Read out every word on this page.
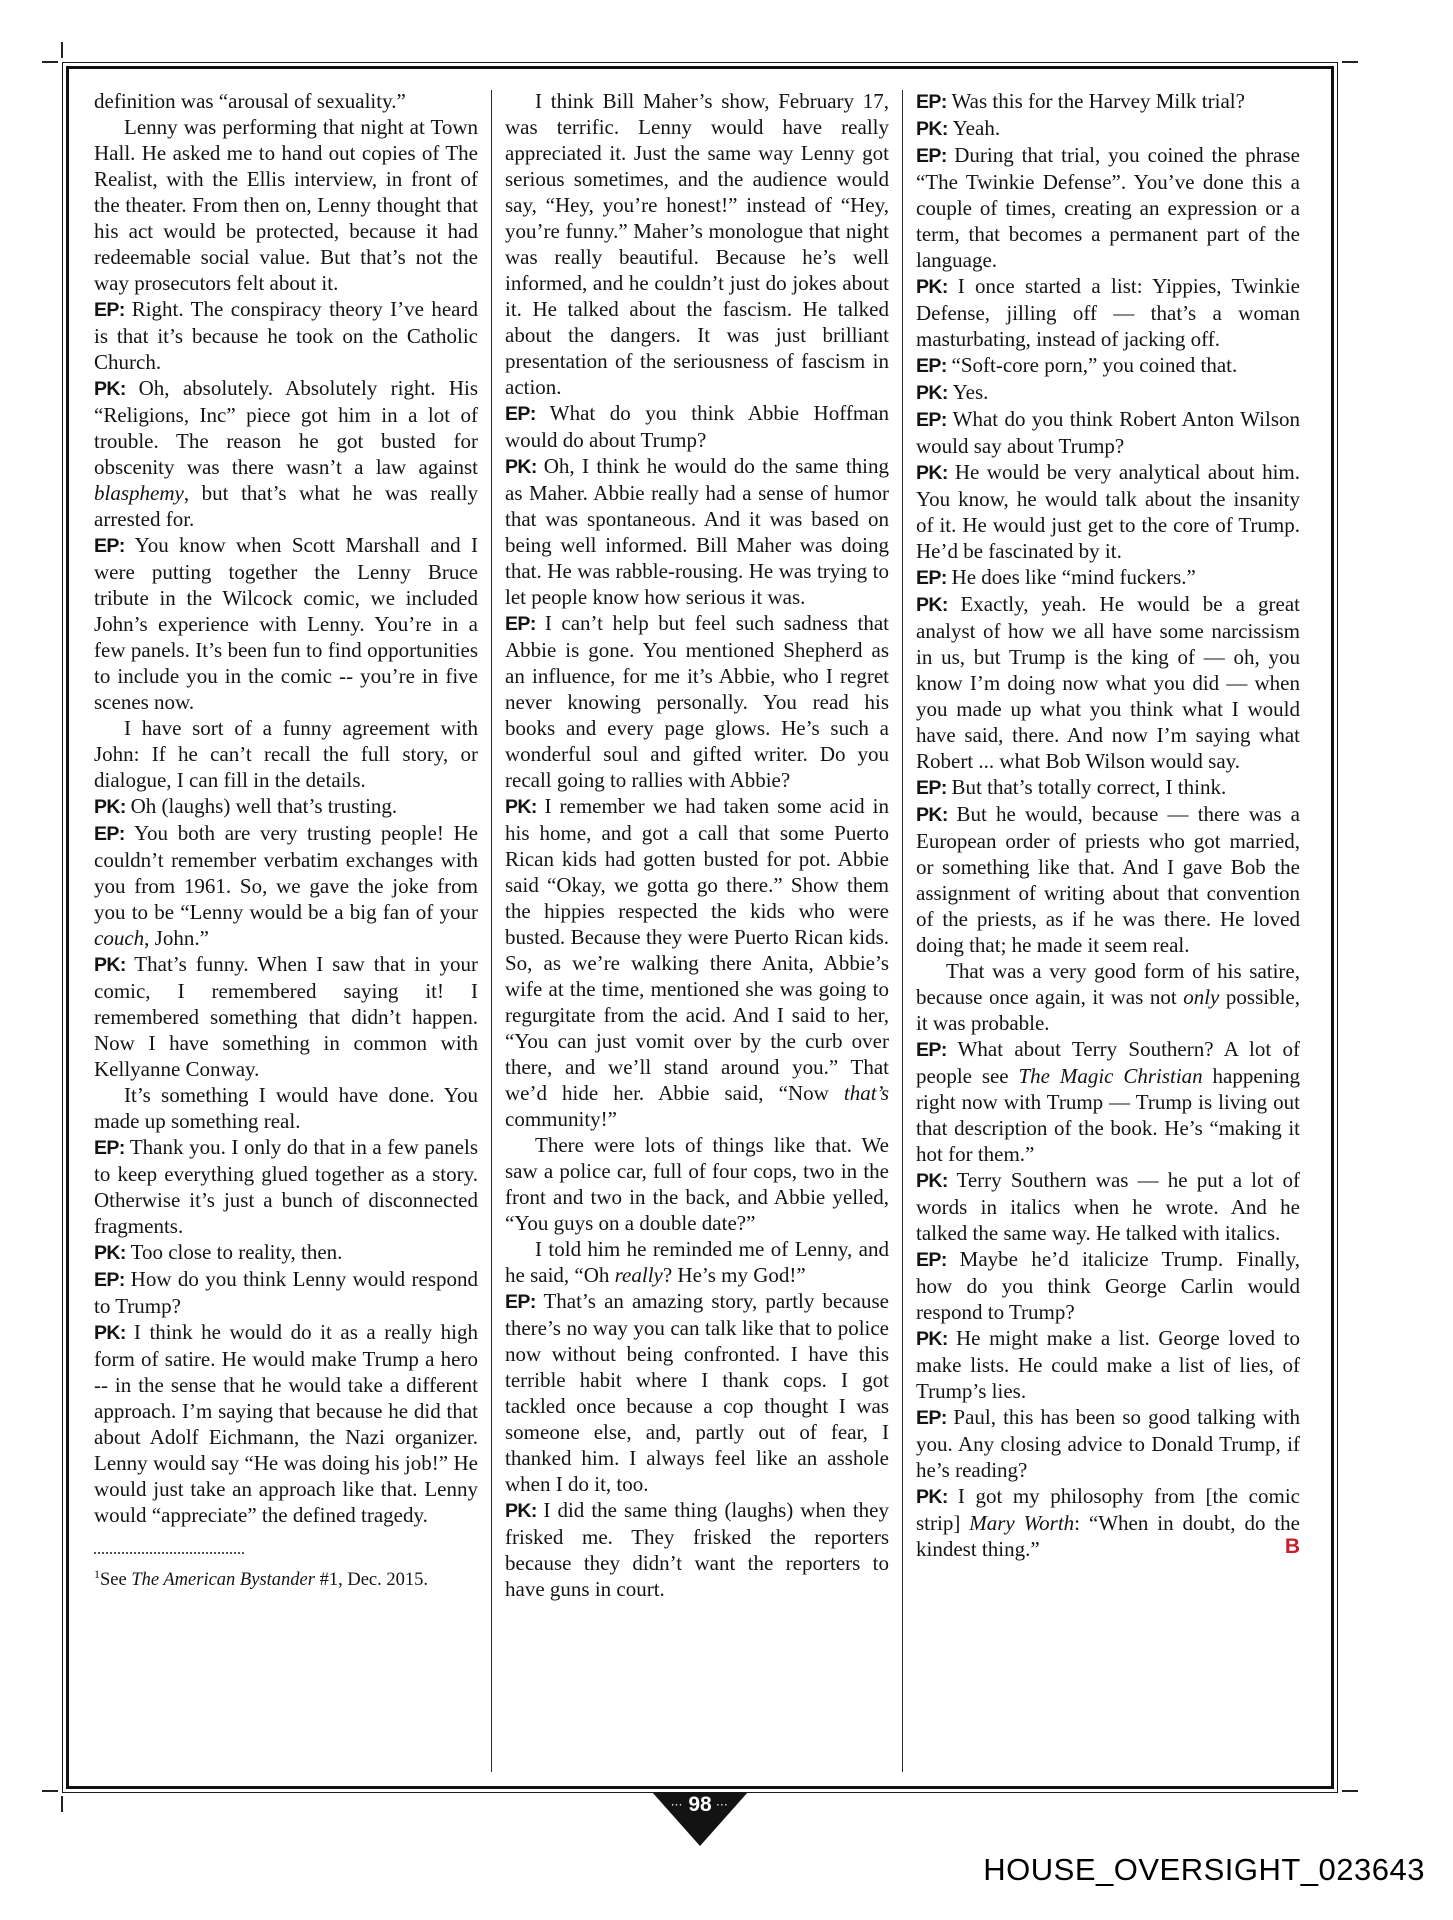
definition was “arousal of sexuality.”

Lenny was performing that night at Town Hall. He asked me to hand out copies of The Realist, with the Ellis interview, in front of the theater. From then on, Lenny thought that his act would be protected, because it had redeemable social value. But that’s not the way prosecutors felt about it.

EP: Right. The conspiracy theory I’ve heard is that it’s because he took on the Catholic Church.

PK: Oh, absolutely. Absolutely right. His “Religions, Inc” piece got him in a lot of trouble. The reason he got busted for obscenity was there wasn’t a law against blasphemy, but that’s what he was really arrested for.

EP: You know when Scott Marshall and I were putting together the Lenny Bruce tribute in the Wilcock comic, we included John’s experience with Lenny. You’re in a few panels. It’s been fun to find opportunities to include you in the comic -- you’re in five scenes now.

I have sort of a funny agreement with John: If he can’t recall the full story, or dialogue, I can fill in the details.

PK: Oh (laughs) well that’s trusting.

EP: You both are very trusting people! He couldn’t remember verbatim exchanges with you from 1961. So, we gave the joke from you to be “Lenny would be a big fan of your couch, John.”

PK: That’s funny. When I saw that in your comic, I remembered saying it! I remembered something that didn’t happen. Now I have something in common with Kellyanne Conway.

It’s something I would have done. You made up something real.

EP: Thank you. I only do that in a few panels to keep everything glued together as a story. Otherwise it’s just a bunch of disconnected fragments.

PK: Too close to reality, then.

EP: How do you think Lenny would respond to Trump?

PK: I think he would do it as a really high form of satire. He would make Trump a hero -- in the sense that he would take a different approach. I’m saying that because he did that about Adolf Eichmann, the Nazi organizer. Lenny would say “He was doing his job!” He would just take an approach like that. Lenny would “appreciate” the defined tragedy.

$^1$See The American Bystander #1, Dec. 2015.

I think Bill Maher’s show, February 17, was terrific. Lenny would have really appreciated it. Just the same way Lenny got serious sometimes, and the audience would say, “Hey, you’re honest!” instead of “Hey, you’re funny.” Maher’s monologue that night was really beautiful. Because he’s well informed, and he couldn’t just do jokes about it. He talked about the fascism. He talked about the dangers. It was just brilliant presentation of the seriousness of fascism in action.

EP: What do you think Abbie Hoffman would do about Trump?

PK: Oh, I think he would do the same thing as Maher. Abbie really had a sense of humor that was spontaneous. And it was based on being well informed. Bill Maher was doing that. He was rabble-rousing. He was trying to let people know how serious it was.

EP: I can’t help but feel such sadness that Abbie is gone. You mentioned Shepherd as an influence, for me it’s Abbie, who I regret never knowing personally. You read his books and every page glows. He’s such a wonderful soul and gifted writer. Do you recall going to rallies with Abbie?

PK: I remember we had taken some acid in his home, and got a call that some Puerto Rican kids had gotten busted for pot. Abbie said “Okay, we gotta go there.” Show them the hippies respected the kids who were busted. Because they were Puerto Rican kids. So, as we’re walking there Anita, Abbie’s wife at the time, mentioned she was going to regurgitate from the acid. And I said to her, “You can just vomit over by the curb over there, and we’ll stand around you.” That we’d hide her. Abbie said, “Now that’s community!”

There were lots of things like that. We saw a police car, full of four cops, two in the front and two in the back, and Abbie yelled, “You guys on a double date?”

I told him he reminded me of Lenny, and he said, “Oh really? He’s my God!”

EP: That’s an amazing story, partly because there’s no way you can talk like that to police now without being confronted. I have this terrible habit where I thank cops. I got tackled once because a cop thought I was someone else, and, partly out of fear, I thanked him. I always feel like an asshole when I do it, too.

PK: I did the same thing (laughs) when they frisked me. They frisked the reporters because they didn’t want the reporters to have guns in court.

EP: Was this for the Harvey Milk trial?

PK: Yeah.

EP: During that trial, you coined the phrase “The Twinkie Defense”. You’ve done this a couple of times, creating an expression or a term, that becomes a permanent part of the language.

PK: I once started a list: Yippies, Twinkie Defense, jilling off — that’s a woman masturbating, instead of jacking off.

EP: “Soft-core porn,” you coined that.

PK: Yes.

EP: What do you think Robert Anton Wilson would say about Trump?

PK: He would be very analytical about him. You know, he would talk about the insanity of it. He would just get to the core of Trump. He’d be fascinated by it.

EP: He does like “mind fuckers.”

PK: Exactly, yeah. He would be a great analyst of how we all have some narcissism in us, but Trump is the king of — oh, you know I’m doing now what you did — when you made up what you think what I would have said, there. And now I’m saying what Robert ... what Bob Wilson would say.

EP: But that’s totally correct, I think.

PK: But he would, because — there was a European order of priests who got married, or something like that. And I gave Bob the assignment of writing about that convention of the priests, as if he was there. He loved doing that; he made it seem real.

That was a very good form of his satire, because once again, it was not only possible, it was probable.

EP: What about Terry Southern? A lot of people see The Magic Christian happening right now with Trump — Trump is living out that description of the book. He’s “making it hot for them.”

PK: Terry Southern was — he put a lot of words in italics when he wrote. And he talked the same way. He talked with italics.

EP: Maybe he’d italicize Trump. Finally, how do you think George Carlin would respond to Trump?

PK: He might make a list. George loved to make lists. He could make a list of lies, of Trump’s lies.

EP: Paul, this has been so good talking with you. Any closing advice to Donald Trump, if he’s reading?

PK: I got my philosophy from [the comic strip] Mary Worth: “When in doubt, do the kindest thing.”	B

··· 98 ···
HOUSE_OVERSIGHT_023643
